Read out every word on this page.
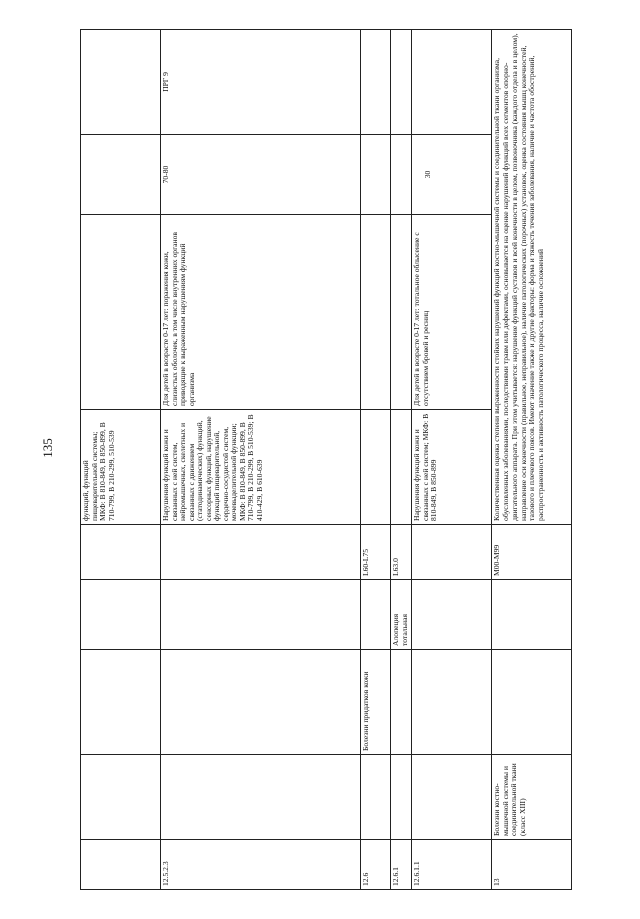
135
					функций, функций пищеварительной системы; МКФ: В 810-849, В 850-899, В 710-799, В 210-299, 510-539			
12.5.2.3					Нарушения функций кожи и связанных с ней систем, нейромышечных, скелетных и связанных с движением (статодинамических) функций, сенсорных функций, нарушение функций пищеварительной, сердечно-сосудистой систем, мочевыделительной функции; МКФ: В 810-849, В 850-899, В 710-799, В 210-299, В 510-539; В 410-429, В 610-639	Для детей в возрасте 0-17 лет: поражения кожи, слизистых оболочек, в том числе внутренних органов приводящие к выраженным нарушениям функций организма	70-80	ПРГ 9
12.6		Болезни придатков кожи		L60-L75				
12.6.1			Алопеция тотальная	L63.0				
12.6.1.1					Нарушения функций кожи и связанных с ней систем; МКФ: В 810-849, В 850-899	Для детей в возрасте 0-17 лет: тотальное облысение с отсутствием бровей и ресниц	30	
13	Болезни костно-мышечной системы и соединительной ткани (класс XIII)			M00-M99	Количественная оценка степени выраженности стойких нарушений функций костно-мышечной системы и соединительной ткани организма, обусловленных заболеваниями, последствиями травм или дефектами, основывается на оценке нарушений функций всех сегментов опорно-двигательного аппарата. При этом учитывается: нарушение функций суставов и всей конечности в целом, позвоночника (каждого отдела и в целом), направление оси конечности (правильное, неправильное), наличие патологических (порочных) установок, оценка состояния мышц конечностей, тазового и плечевого поясов. Имеют значение также и другие факторы: форма и тяжесть течения заболевания, наличие и частота обострений, распространенность и активность патологического процесса, наличие осложнений			
